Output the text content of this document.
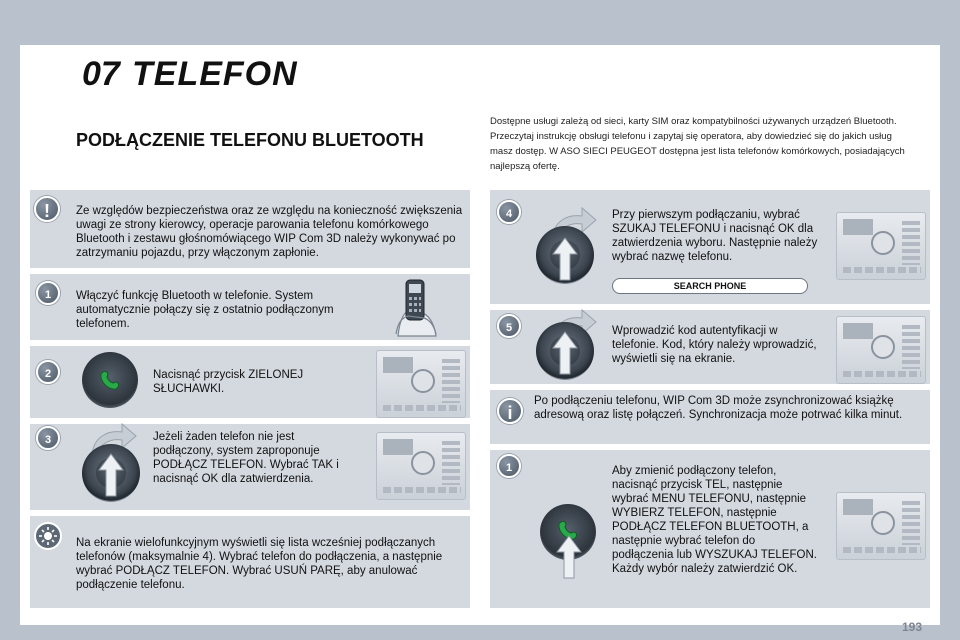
07 TELEFON
PODŁĄCZENIE TELEFONU BLUETOOTH
Dostępne usługi zależą od sieci, karty SIM oraz kompatybilności używanych urządzeń Bluetooth. Przeczytaj instrukcję obsługi telefonu i zapytaj się operatora, aby dowiedzieć się do jakich usług masz dostęp. W ASO SIECI PEUGEOT dostępna jest lista telefonów komórkowych, posiadających najlepszą ofertę.
!	Ze względów bezpieczeństwa oraz ze względu na konieczność zwiększenia uwagi ze strony kierowcy, operacje parowania telefonu komórkowego Bluetooth i zestawu głośnomówiącego WIP Com 3D należy wykonywać po zatrzymaniu pojazdu, przy włączonym zapłonie.
1	Włączyć funkcję Bluetooth w telefonie. System automatycznie połączy się z ostatnio podłączonym telefonem.
2	Nacisnąć przycisk ZIELONEJ SŁUCHAWKI.
3	Jeżeli żaden telefon nie jest podłączony, system zaproponuje PODŁĄCZ TELEFON. Wybrać TAK i nacisnąć OK dla zatwierdzenia.
Na ekranie wielofunkcyjnym wyświetli się lista wcześniej podłączanych telefonów (maksymalnie 4). Wybrać telefon do podłączenia, a następnie wybrać PODŁĄCZ TELEFON. Wybrać USUŃ PARĘ, aby anulować podłączenie telefonu.
4	Przy pierwszym podłączaniu, wybrać SZUKAJ TELEFONU i nacisnąć OK dla zatwierdzenia wyboru. Następnie należy wybrać nazwę telefonu.
SEARCH PHONE
5	Wprowadzić kod autentyfikacji w telefonie. Kod, który należy wprowadzić, wyświetli się na ekranie.
i
Po podłączeniu telefonu, WIP Com 3D może zsynchronizować książkę adresową oraz listę połączeń. Synchronizacja może potrwać kilka minut.
1	Aby zmienić podłączony telefon, nacisnąć przycisk TEL, następnie wybrać MENU TELEFONU, następnie WYBIERZ TELEFON, następnie PODŁĄCZ TELEFON BLUETOOTH, a następnie wybrać telefon do podłączenia lub WYSZUKAJ TELEFON. Każdy wybór należy zatwierdzić OK.
193
